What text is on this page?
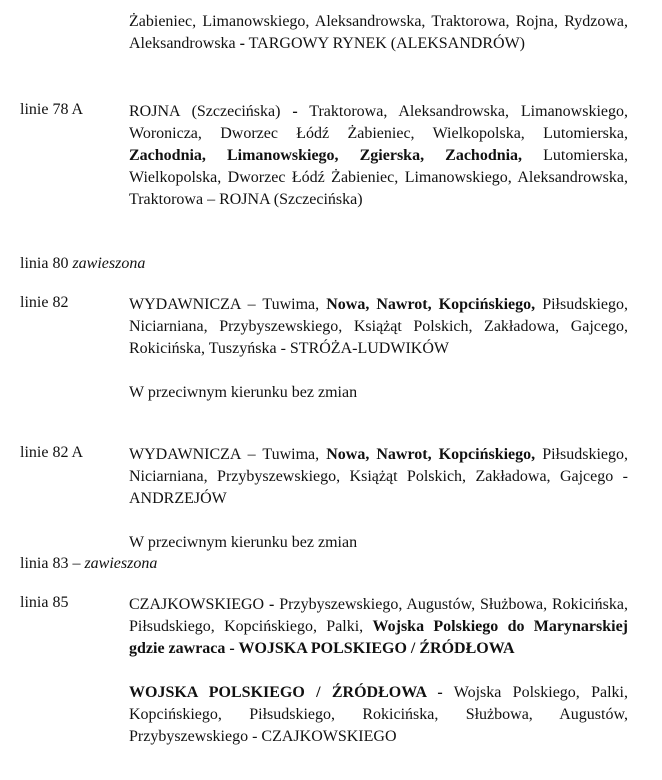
Żabieniec, Limanowskiego, Aleksandrowska, Traktorowa, Rojna, Rydzowa, Aleksandrowska - TARGOWY RYNEK (ALEKSANDRÓW)

linie 78 A	ROJNA (Szczecińska) - Traktorowa, Aleksandrowska, Limanowskiego, Woronicza, Dworzec Łódź Żabieniec, Wielkopolska, Lutomierska, Zachodnia, Limanowskiego, Zgierska, Zachodnia, Lutomierska, Wielkopolska, Dworzec Łódź Żabieniec, Limanowskiego, Aleksandrowska, Traktorowa – ROJNA (Szczecińska)

linia 80 zawieszona
linie 82	WYDAWNICZA – Tuwima, Nowa, Nawrot, Kopcińskiego, Piłsudskiego, Niciarniana, Przybyszewskiego, Książąt Polskich, Zakładowa, Gajcego, Rokicińska, Tuszyńska - STRÓŻA-LUDWIKÓW

W przeciwnym kierunku bez zmian

linie 82 A	WYDAWNICZA – Tuwima, Nowa, Nawrot, Kopcińskiego, Piłsudskiego, Niciarniana, Przybyszewskiego, Książąt Polskich, Zakładowa, Gajcego - ANDRZEJÓW

W przeciwnym kierunku bez zmian

linia 83 – zawieszona
linia 85	CZAJKOWSKIEGO - Przybyszewskiego, Augustów, Służbowa, Rokicińska, Piłsudskiego, Kopcińskiego, Palki, Wojska Polskiego do Marynarskiej gdzie zawraca - WOJSKA POLSKIEGO / ŹRÓDŁOWA

WOJSKA POLSKIEGO / ŹRÓDŁOWA - Wojska Polskiego, Palki, Kopcińskiego, Piłsudskiego, Rokicińska, Służbowa, Augustów, Przybyszewskiego - CZAJKOWSKIEGO
